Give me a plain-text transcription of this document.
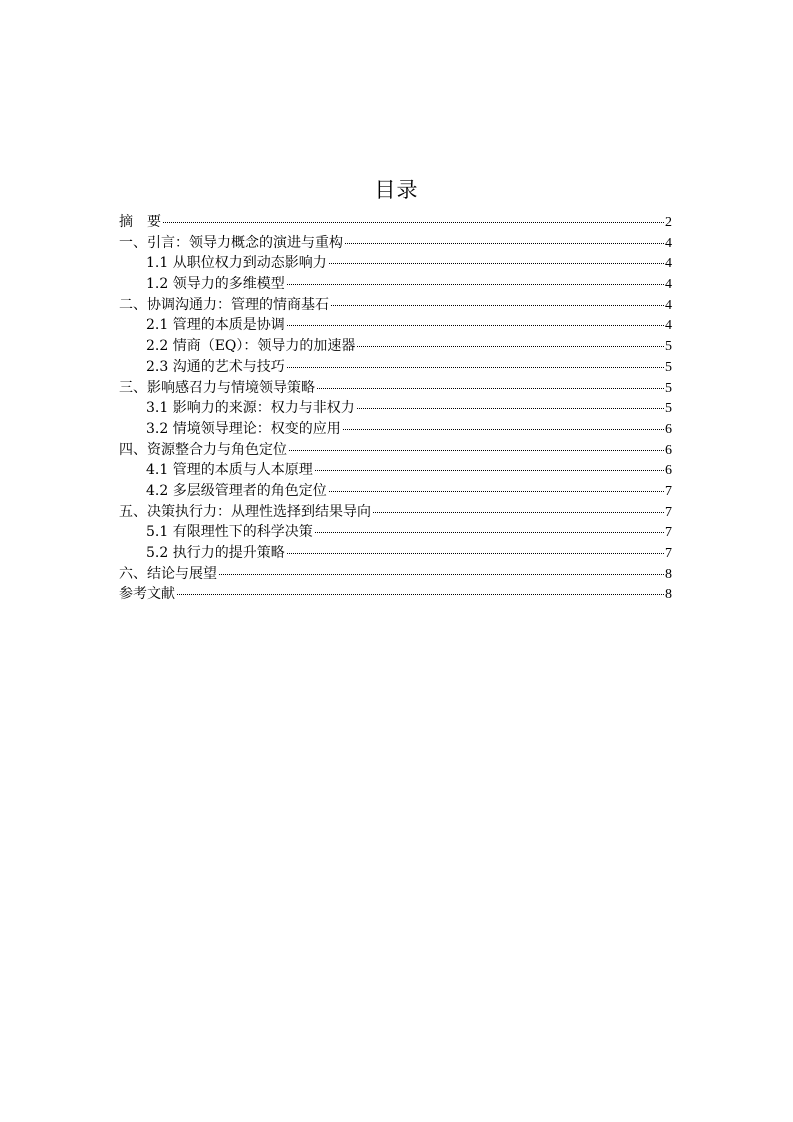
目录
摘　要	2
一、引言：领导力概念的演进与重构	4
1.1 从职位权力到动态影响力	4
1.2 领导力的多维模型	4
二、协调沟通力：管理的情商基石	4
2.1 管理的本质是协调	4
2.2 情商（EQ）：领导力的加速器	5
2.3 沟通的艺术与技巧	5
三、影响感召力与情境领导策略	5
3.1 影响力的来源：权力与非权力	5
3.2 情境领导理论：权变的应用	6
四、资源整合力与角色定位	6
4.1 管理的本质与人本原理	6
4.2 多层级管理者的角色定位	7
五、决策执行力：从理性选择到结果导向	7
5.1 有限理性下的科学决策	7
5.2 执行力的提升策略	7
六、结论与展望	8
参考文献	8
